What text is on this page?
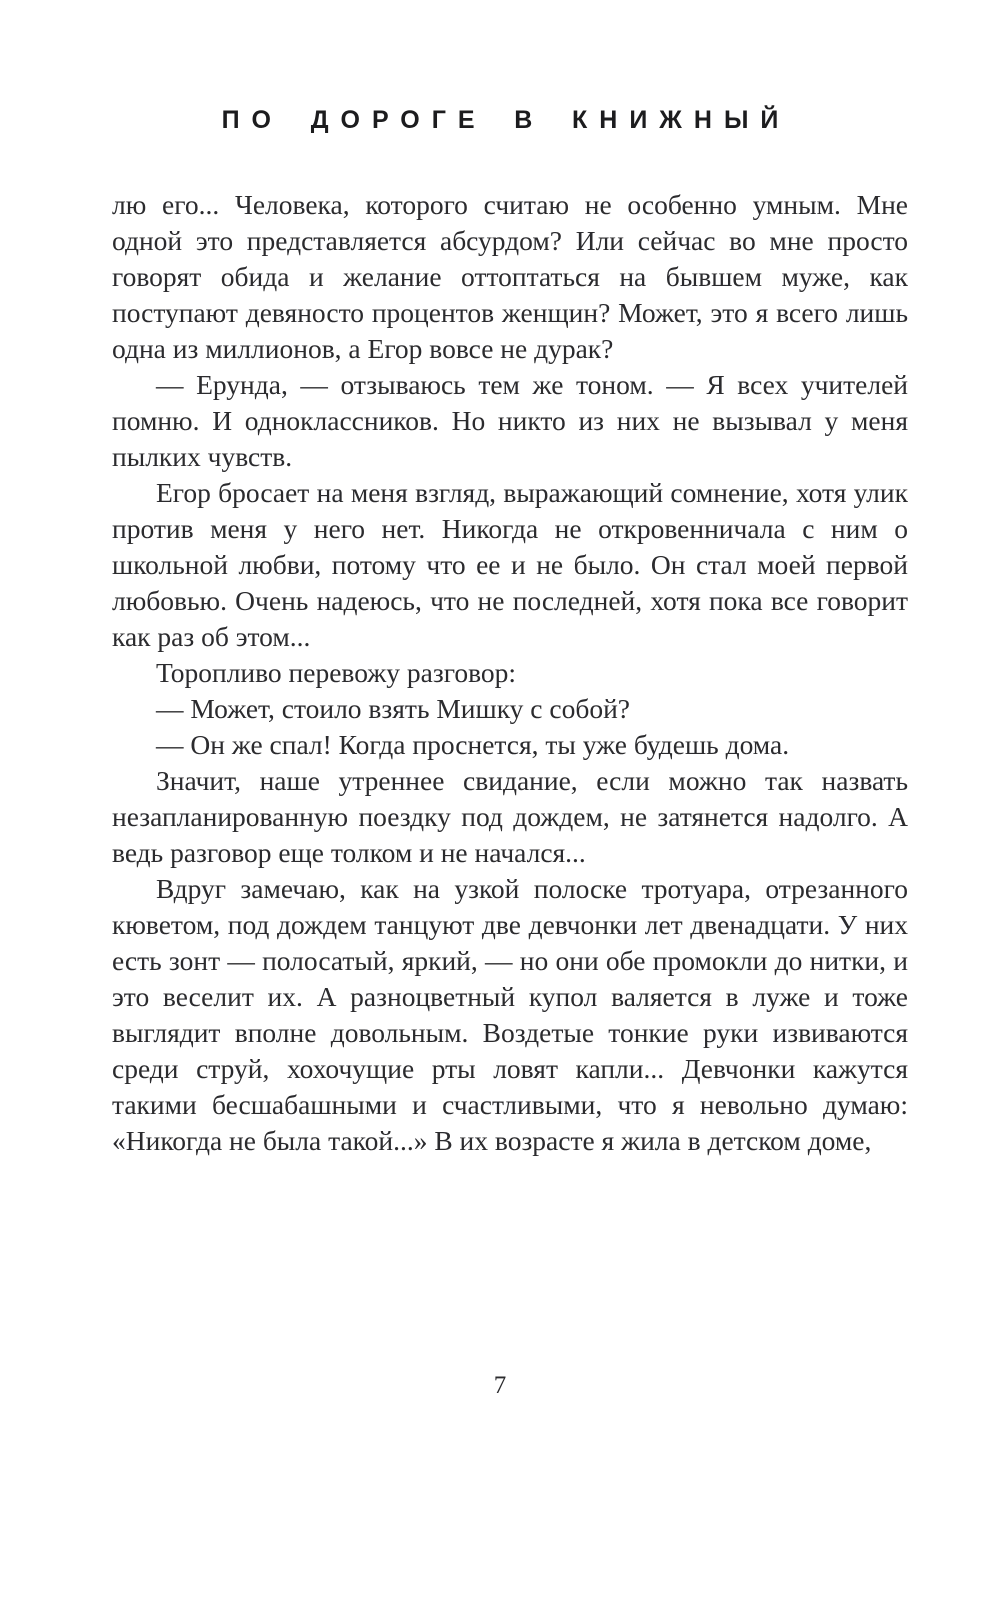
ПО ДОРОГЕ В КНИЖНЫЙ

лю его... Человека, которого считаю не особенно умным. Мне одной это представляется абсурдом? Или сейчас во мне просто говорят обида и желание оттоптаться на бывшем муже, как поступают девяносто процентов женщин? Может, это я всего лишь одна из миллионов, а Егор вовсе не дурак?

— Ерунда, — отзываюсь тем же тоном. — Я всех учителей помню. И одноклассников. Но никто из них не вызывал у меня пылких чувств.

Егор бросает на меня взгляд, выражающий сомнение, хотя улик против меня у него нет. Никогда не откровенничала с ним о школьной любви, потому что ее и не было. Он стал моей первой любовью. Очень надеюсь, что не последней, хотя пока все говорит как раз об этом...

Торопливо перевожу разговор:

— Может, стоило взять Мишку с собой?

— Он же спал! Когда проснется, ты уже будешь дома.

Значит, наше утреннее свидание, если можно так назвать незапланированную поездку под дождем, не затянется надолго. А ведь разговор еще толком и не начался...

Вдруг замечаю, как на узкой полоске тротуара, отрезанного кюветом, под дождем танцуют две девчонки лет двенадцати. У них есть зонт — полосатый, яркий, — но они обе промокли до нитки, и это веселит их. А разноцветный купол валяется в луже и тоже выглядит вполне довольным. Воздетые тонкие руки извиваются среди струй, хохочущие рты ловят капли... Девчонки кажутся такими бесшабашными и счастливыми, что я невольно думаю: «Никогда не была такой...» В их возрасте я жила в детском доме,

7
